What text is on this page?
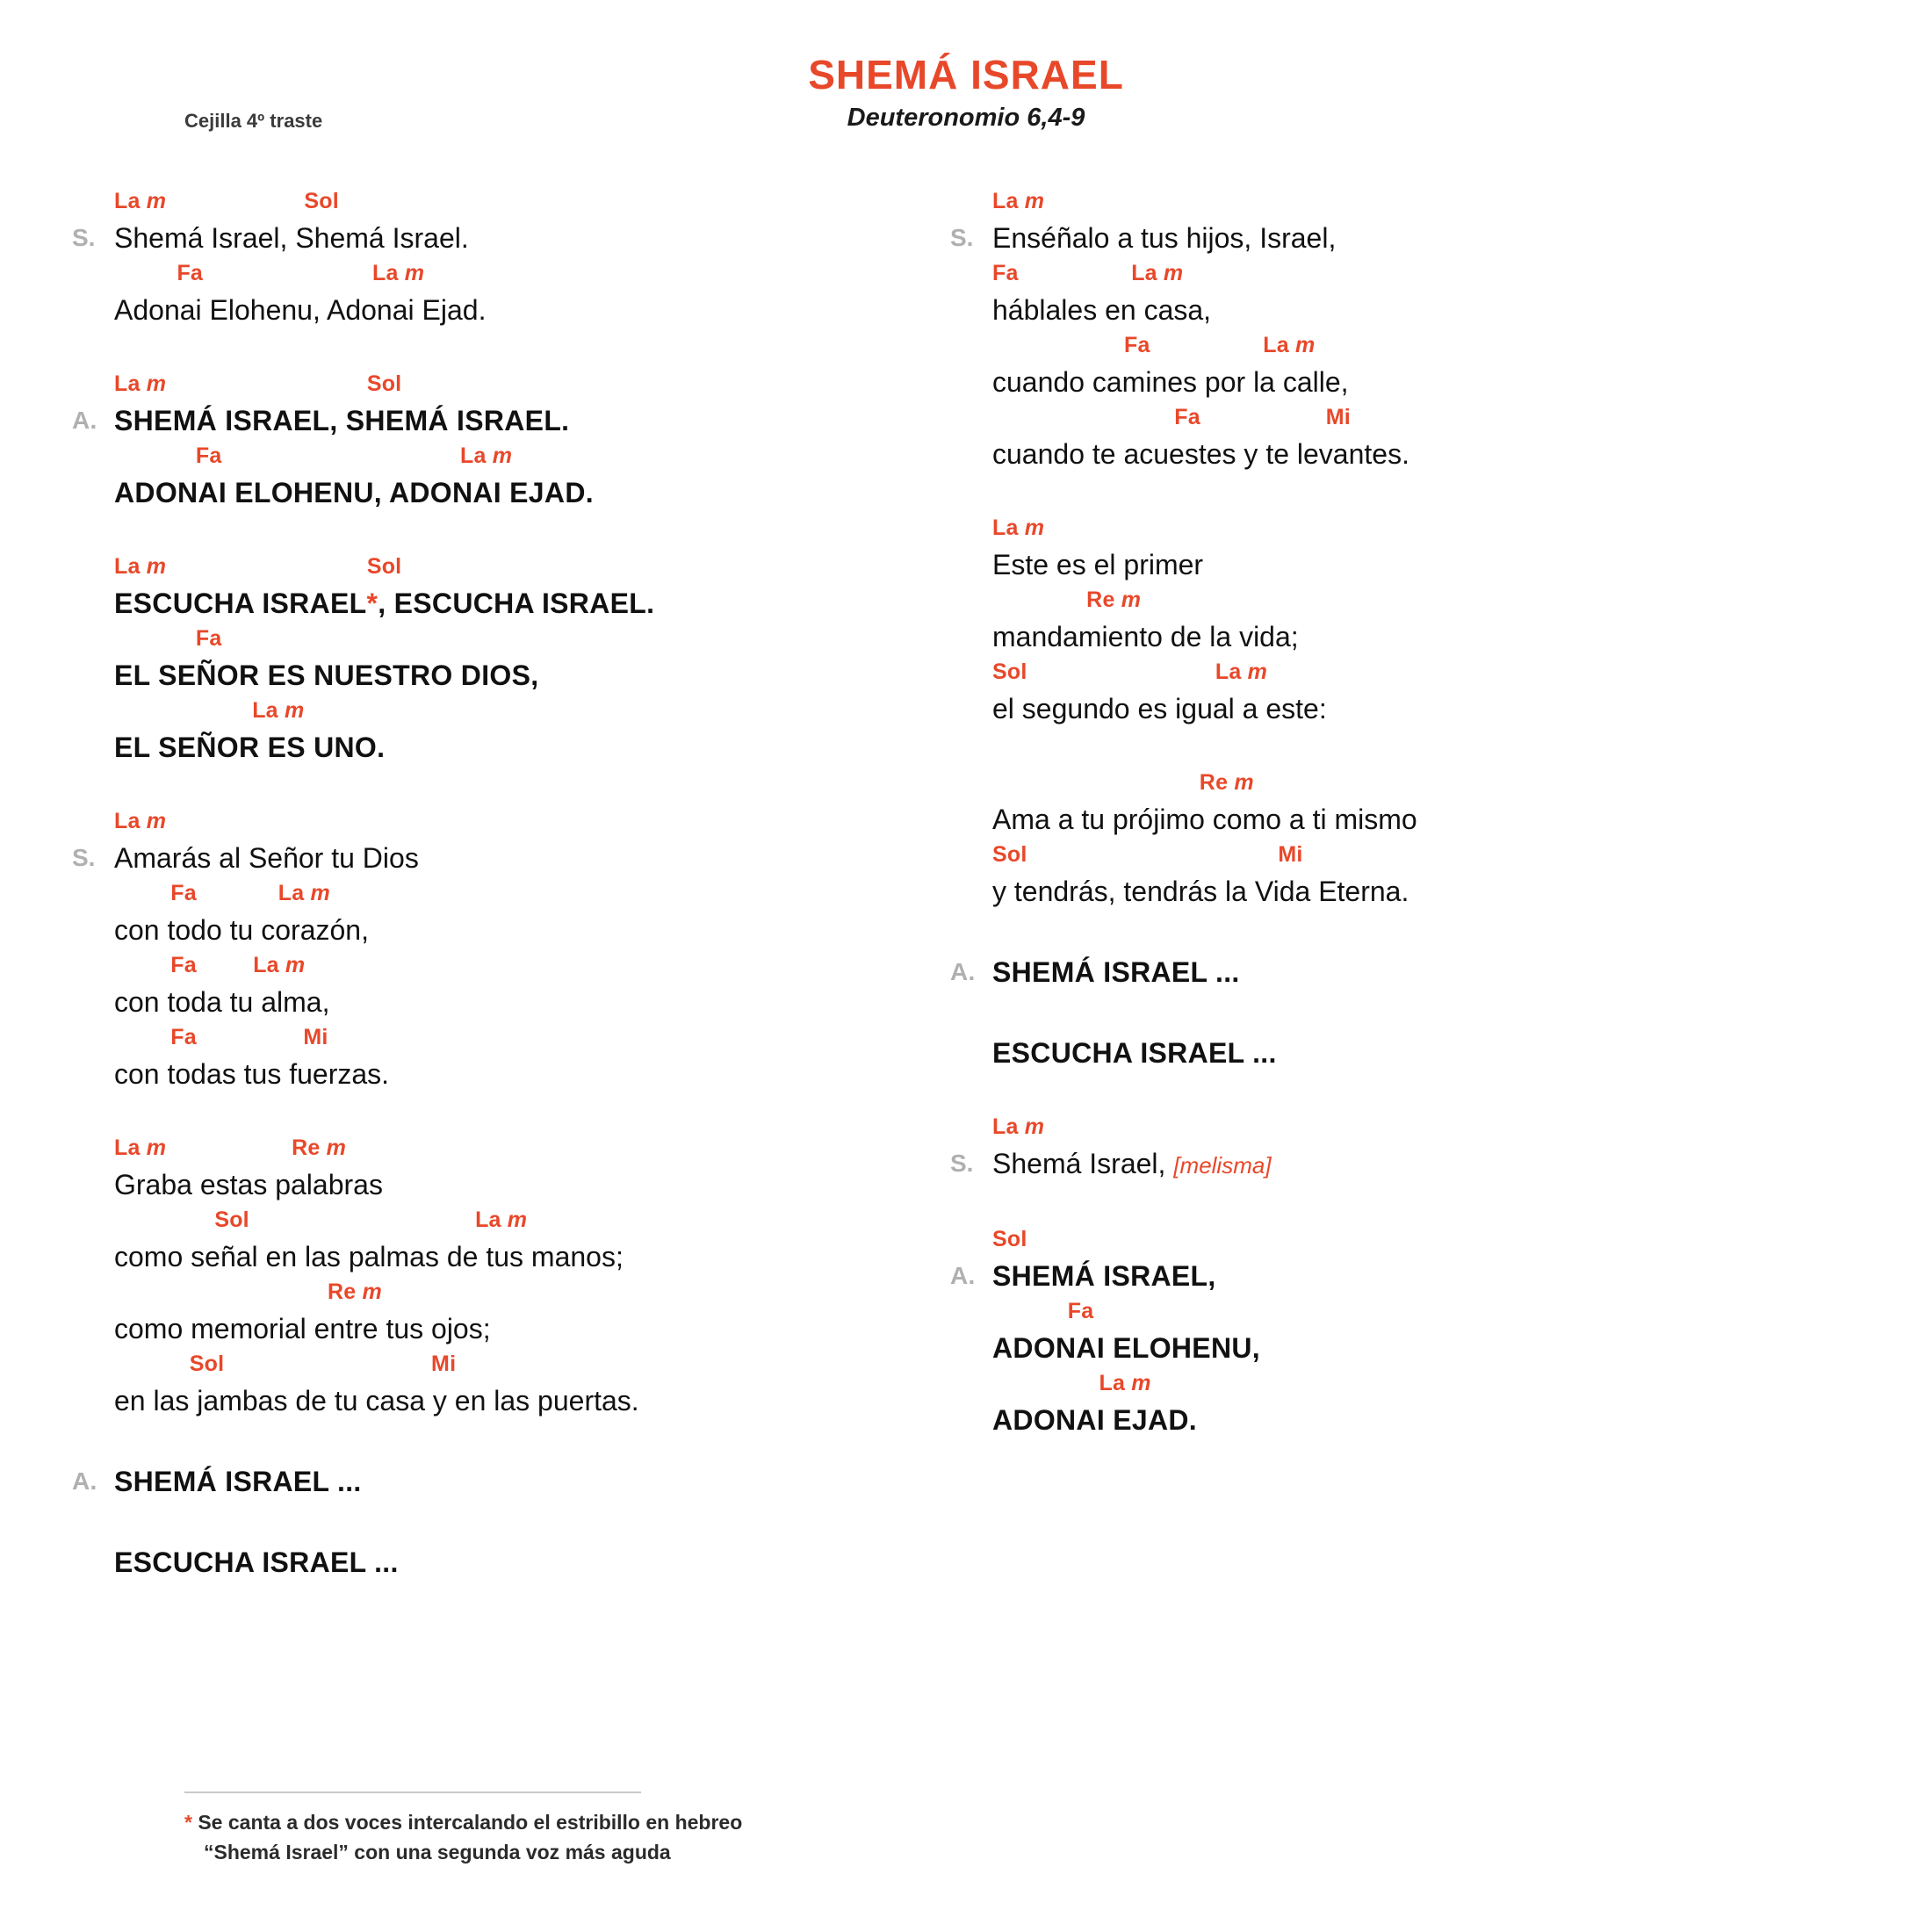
Cejilla 4º traste
SHEMÁ ISRAEL
Deuteronomio 6,4-9
La m                      Sol
Shemá Israel, Shemá Israel.
S.
Fa                           La m
Adonai Elohenu, Adonai Ejad.
La m                                Sol
SHEMÁ ISRAEL, SHEMÁ ISRAEL.
A.
Fa                                      La m
ADONAI ELOHENU, ADONAI EJAD.
La m                                Sol
ESCUCHA ISRAEL*, ESCUCHA ISRAEL.
Fa
EL SEÑOR ES NUESTRO DIOS,
La m
EL SEÑOR ES UNO.
La m
Amarás al Señor tu Dios
S.
Fa             La m
con todo tu corazón,
Fa         La m
con toda tu alma,
Fa                 Mi
con todas tus fuerzas.
La m                    Re m
Graba estas palabras
Sol                                    La m
como señal en las palmas de tus manos;
Re m
como memorial entre tus ojos;
Sol                                 Mi
en las jambas de tu casa y en las puertas.
SHEMÁ ISRAEL ...
A.
ESCUCHA ISRAEL ...
La m
Enséñalo a tus hijos, Israel,
S.
Fa                  La m
háblales en casa,
Fa                  La m
cuando camines por la calle,
Fa                    Mi
cuando te acuestes y te levantes.
La m
Este es el primer
Re m
mandamiento de la vida;
Sol                              La m
el segundo es igual a este:
Re m
Ama a tu prójimo como a ti mismo
Sol                                        Mi
y tendrás, tendrás la Vida Eterna.
SHEMÁ ISRAEL ...
A.
ESCUCHA ISRAEL ...
La m
Shemá Israel, [melisma]
S.
Sol
SHEMÁ ISRAEL,
A.
Fa
ADONAI ELOHENU,
La m
ADONAI EJAD.
* Se canta a dos voces intercalando el estribillo en hebreo
“Shemá Israel” con una segunda voz más aguda
